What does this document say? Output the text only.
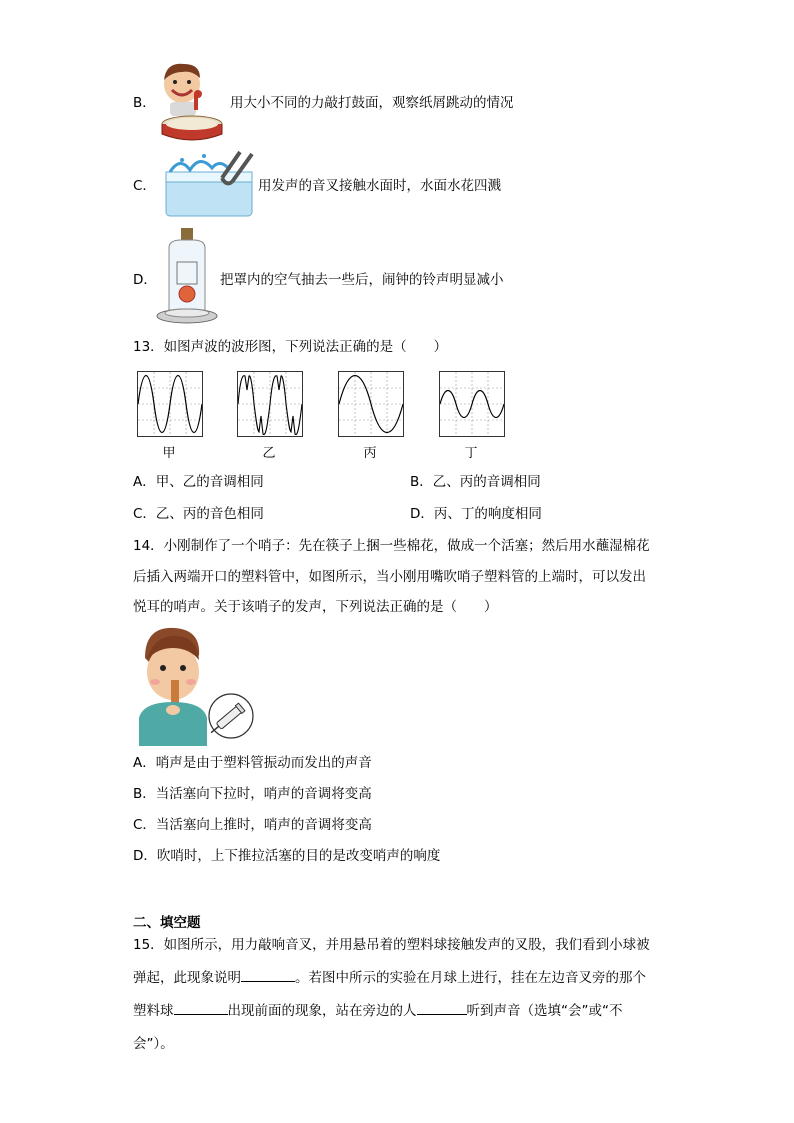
B．	用大小不同的力敲打鼓面，观察纸屑跳动的情况
C．	用发声的音叉接触水面时，水面水花四溅
D．	把罩内的空气抽去一些后，闹钟的铃声明显减小
13．如图声波的波形图，下列说法正确的是（　　）
甲	乙	丙	丁
A．甲、乙的音调相同	B．乙、丙的音调相同
C．乙、丙的音色相同	D．丙、丁的响度相同
14．小刚制作了一个哨子：先在筷子上捆一些棉花，做成一个活塞；然后用水蘸湿棉花
后插入两端开口的塑料管中，如图所示，当小刚用嘴吹哨子塑料管的上端时，可以发出
悦耳的哨声。关于该哨子的发声，下列说法正确的是（　　）
A．哨声是由于塑料管振动而发出的声音
B．当活塞向下拉时，哨声的音调将变高
C．当活塞向上推时，哨声的音调将变高
D．吹哨时，上下推拉活塞的目的是改变哨声的响度
二、填空题
15．如图所示，用力敲响音叉，并用悬吊着的塑料球接触发声的叉股，我们看到小球被
弹起，此现象说明	。若图中所示的实验在月球上进行，挂在左边音叉旁的那个
塑料球	出现前面的现象，站在旁边的人	听到声音（选填“会”或“不
会”）。
